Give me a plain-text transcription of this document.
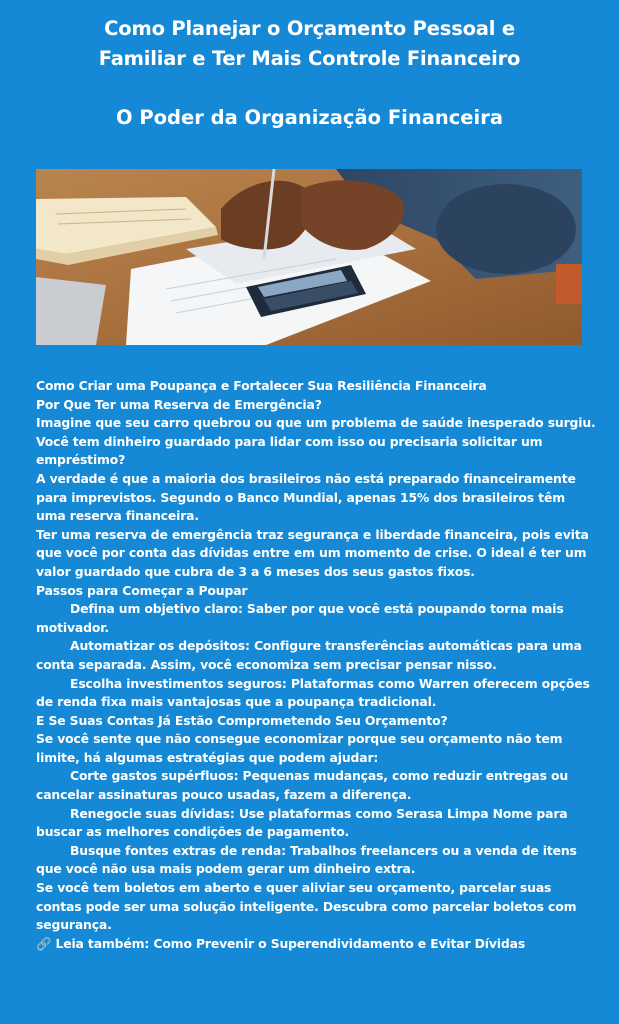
Como Planejar o Orçamento Pessoal e
Familiar e Ter Mais Controle Financeiro
O Poder da Organização Financeira

Como Criar uma Poupança e Fortalecer Sua Resiliência Financeira

Por Que Ter uma Reserva de Emergência?

Imagine que seu carro quebrou ou que um problema de saúde inesperado surgiu. Você tem dinheiro guardado para lidar com isso ou precisaria solicitar um empréstimo?

A verdade é que a maioria dos brasileiros não está preparado financeiramente para imprevistos. Segundo o Banco Mundial, apenas 15% dos brasileiros têm uma reserva financeira.

Ter uma reserva de emergência traz segurança e liberdade financeira, pois evita que você por conta das dívidas entre em um momento de crise. O ideal é ter um valor guardado que cubra de 3 a 6 meses dos seus gastos fixos.

Passos para Começar a Poupar

Defina um objetivo claro: Saber por que você está poupando torna mais motivador.

Automatizar os depósitos: Configure transferências automáticas para uma conta separada. Assim, você economiza sem precisar pensar nisso.

Escolha investimentos seguros: Plataformas como Warren oferecem opções de renda fixa mais vantajosas que a poupança tradicional.

E Se Suas Contas Já Estão Comprometendo Seu Orçamento?

Se você sente que não consegue economizar porque seu orçamento não tem limite, há algumas estratégias que podem ajudar:

Corte gastos supérfluos: Pequenas mudanças, como reduzir entregas ou cancelar assinaturas pouco usadas, fazem a diferença.

Renegocie suas dívidas: Use plataformas como Serasa Limpa Nome para buscar as melhores condições de pagamento.

Busque fontes extras de renda: Trabalhos freelancers ou a venda de itens que você não usa mais podem gerar um dinheiro extra.

Se você tem boletos em aberto e quer aliviar seu orçamento, parcelar suas contas pode ser uma solução inteligente. Descubra como parcelar boletos com segurança.

🔗 Leia também: Como Prevenir o Superendividamento e Evitar Dívidas
